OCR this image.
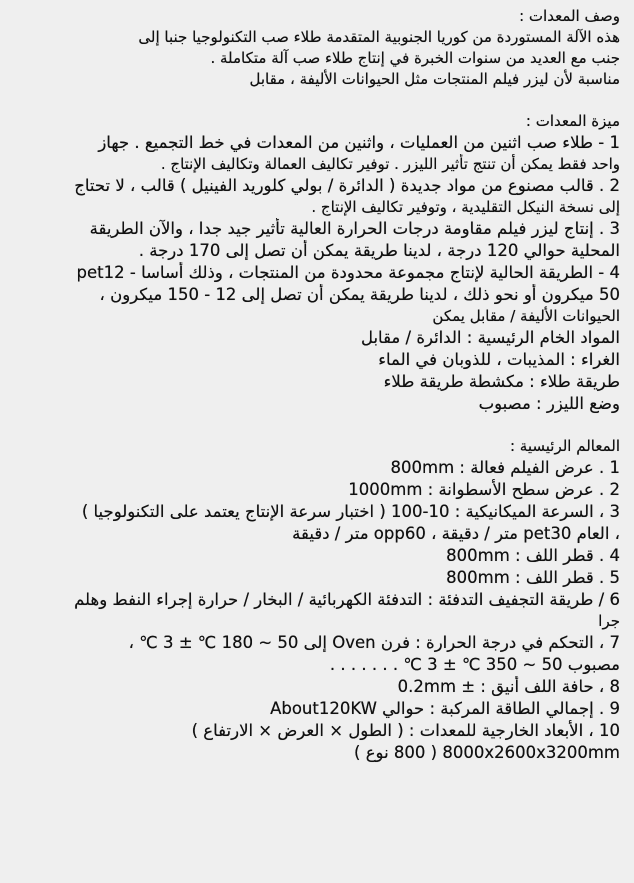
وصف المعدات :
هذه الآلة المستوردة من كوريا الجنوبية المتقدمة طلاء صب التكنولوجيا جنبا إلى
جنب مع العديد من سنوات الخبرة في إنتاج طلاء صب آلة متكاملة .
مناسبة لأن ليزر فيلم المنتجات مثل الحيوانات الأليفة ، مقابل
ميزة المعدات :
1 - طلاء صب اثنين من العمليات ، واثنين من المعدات في خط التجميع . جهاز
واحد فقط يمكن أن تنتج تأثير الليزر . توفير تكاليف العمالة وتكاليف الإنتاج .
2 . قالب مصنوع من مواد جديدة ( الدائرة / بولي كلوريد الفينيل ) قالب ، لا تحتاج
إلى نسخة النيكل التقليدية ، وتوفير تكاليف الإنتاج .
3 . إنتاج ليزر فيلم مقاومة درجات الحرارة العالية تأثير جيد جدا ، والآن الطريقة
المحلية حوالي 120 درجة ، لدينا طريقة يمكن أن تصل إلى 170 درجة .
4 - الطريقة الحالية لإنتاج مجموعة محدودة من المنتجات ، وذلك أساسا - pet12
50 ميكرون أو نحو ذلك ، لدينا طريقة يمكن أن تصل إلى 12 - 150 ميكرون ،
الحيوانات الأليفة / مقابل يمكن
المواد الخام الرئيسية : الدائرة / مقابل
الغراء : المذيبات ، للذوبان في الماء
طريقة طلاء : مكشطة طريقة طلاء
وضع الليزر : مصبوب
المعالم الرئيسية :
1 . عرض الفيلم فعالة : 800mm
2 . عرض سطح الأسطوانة : 1000mm
3 ، السرعة الميكانيكية : 10-100 ( اختبار سرعة الإنتاج يعتمد على التكنولوجيا )
، العام pet30 متر / دقيقة ، opp60 متر / دقيقة
4 . قطر اللف : 800mm
5 . قطر اللف : 800mm
6 / طريقة التجفيف التدفئة : التدفئة الكهربائية / البخار / حرارة إجراء النفط وهلم
جرا
7 ، التحكم في درجة الحرارة : فرن Oven إلى 50 ~ 180 ℃ ± 3 ℃ ،
مصبوب 50 ~ 350 ℃ ± 3 ℃ . . . . . . .
8 ، حافة اللف أنيق : ± 0.2mm
9 . إجمالي الطاقة المركبة : حوالي About120KW
10 ، الأبعاد الخارجية للمعدات : ( الطول × العرض × الارتفاع )
8000x2600x3200mm ( 800 نوع )
